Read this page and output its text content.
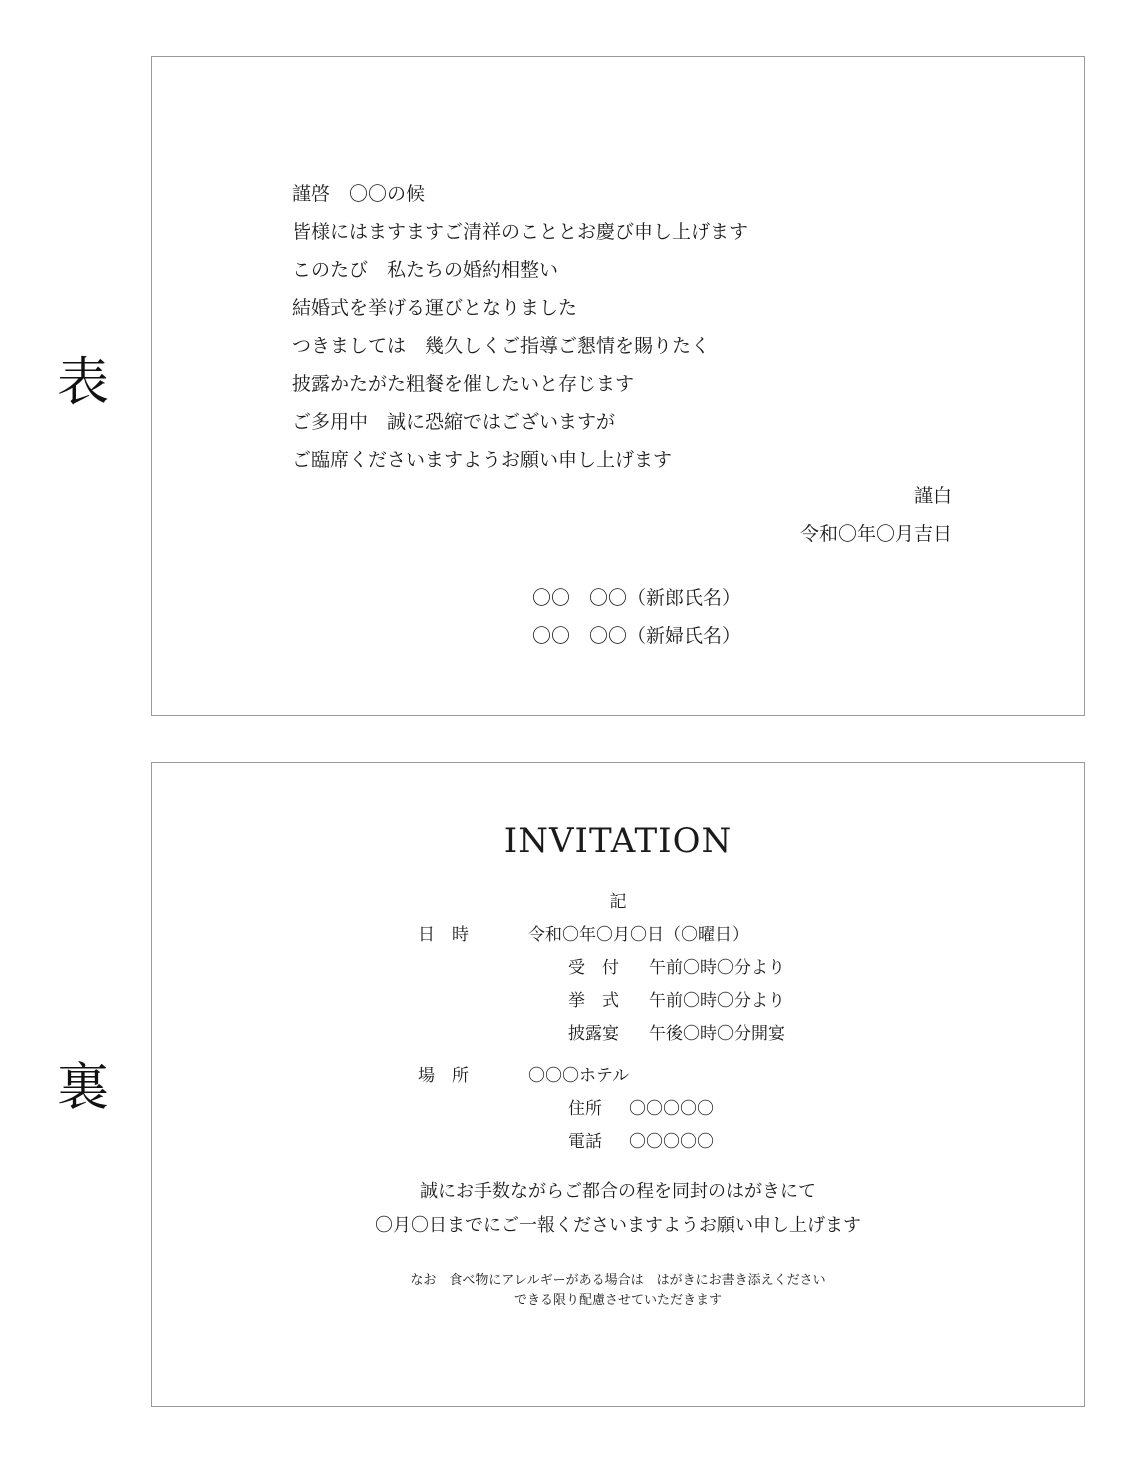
表
裏
謹啓　〇〇の候
皆様にはますますご清祥のこととお慶び申し上げます
このたび　私たちの婚約相整い
結婚式を挙げる運びとなりました
つきましては　幾久しくご指導ご懇情を賜りたく
披露かたがた粗餐を催したいと存じます
ご多用中　誠に恐縮ではございますが
ご臨席くださいますようお願い申し上げます
謹白
令和〇年〇月吉日
〇〇　〇〇（新郎氏名）
〇〇　〇〇（新婦氏名）
INVITATION
記
日　時	令和〇年〇月〇日（〇曜日）
受　付 午前〇時〇分より
挙　式 午前〇時〇分より
披露宴 午後〇時〇分開宴
場　所	〇〇〇ホテル
住所 〇〇〇〇〇
電話 〇〇〇〇〇
誠にお手数ながらご都合の程を同封のはがきにて
〇月〇日までにご一報くださいますようお願い申し上げます
なお　食べ物にアレルギーがある場合は　はがきにお書き添えください
できる限り配慮させていただきます
